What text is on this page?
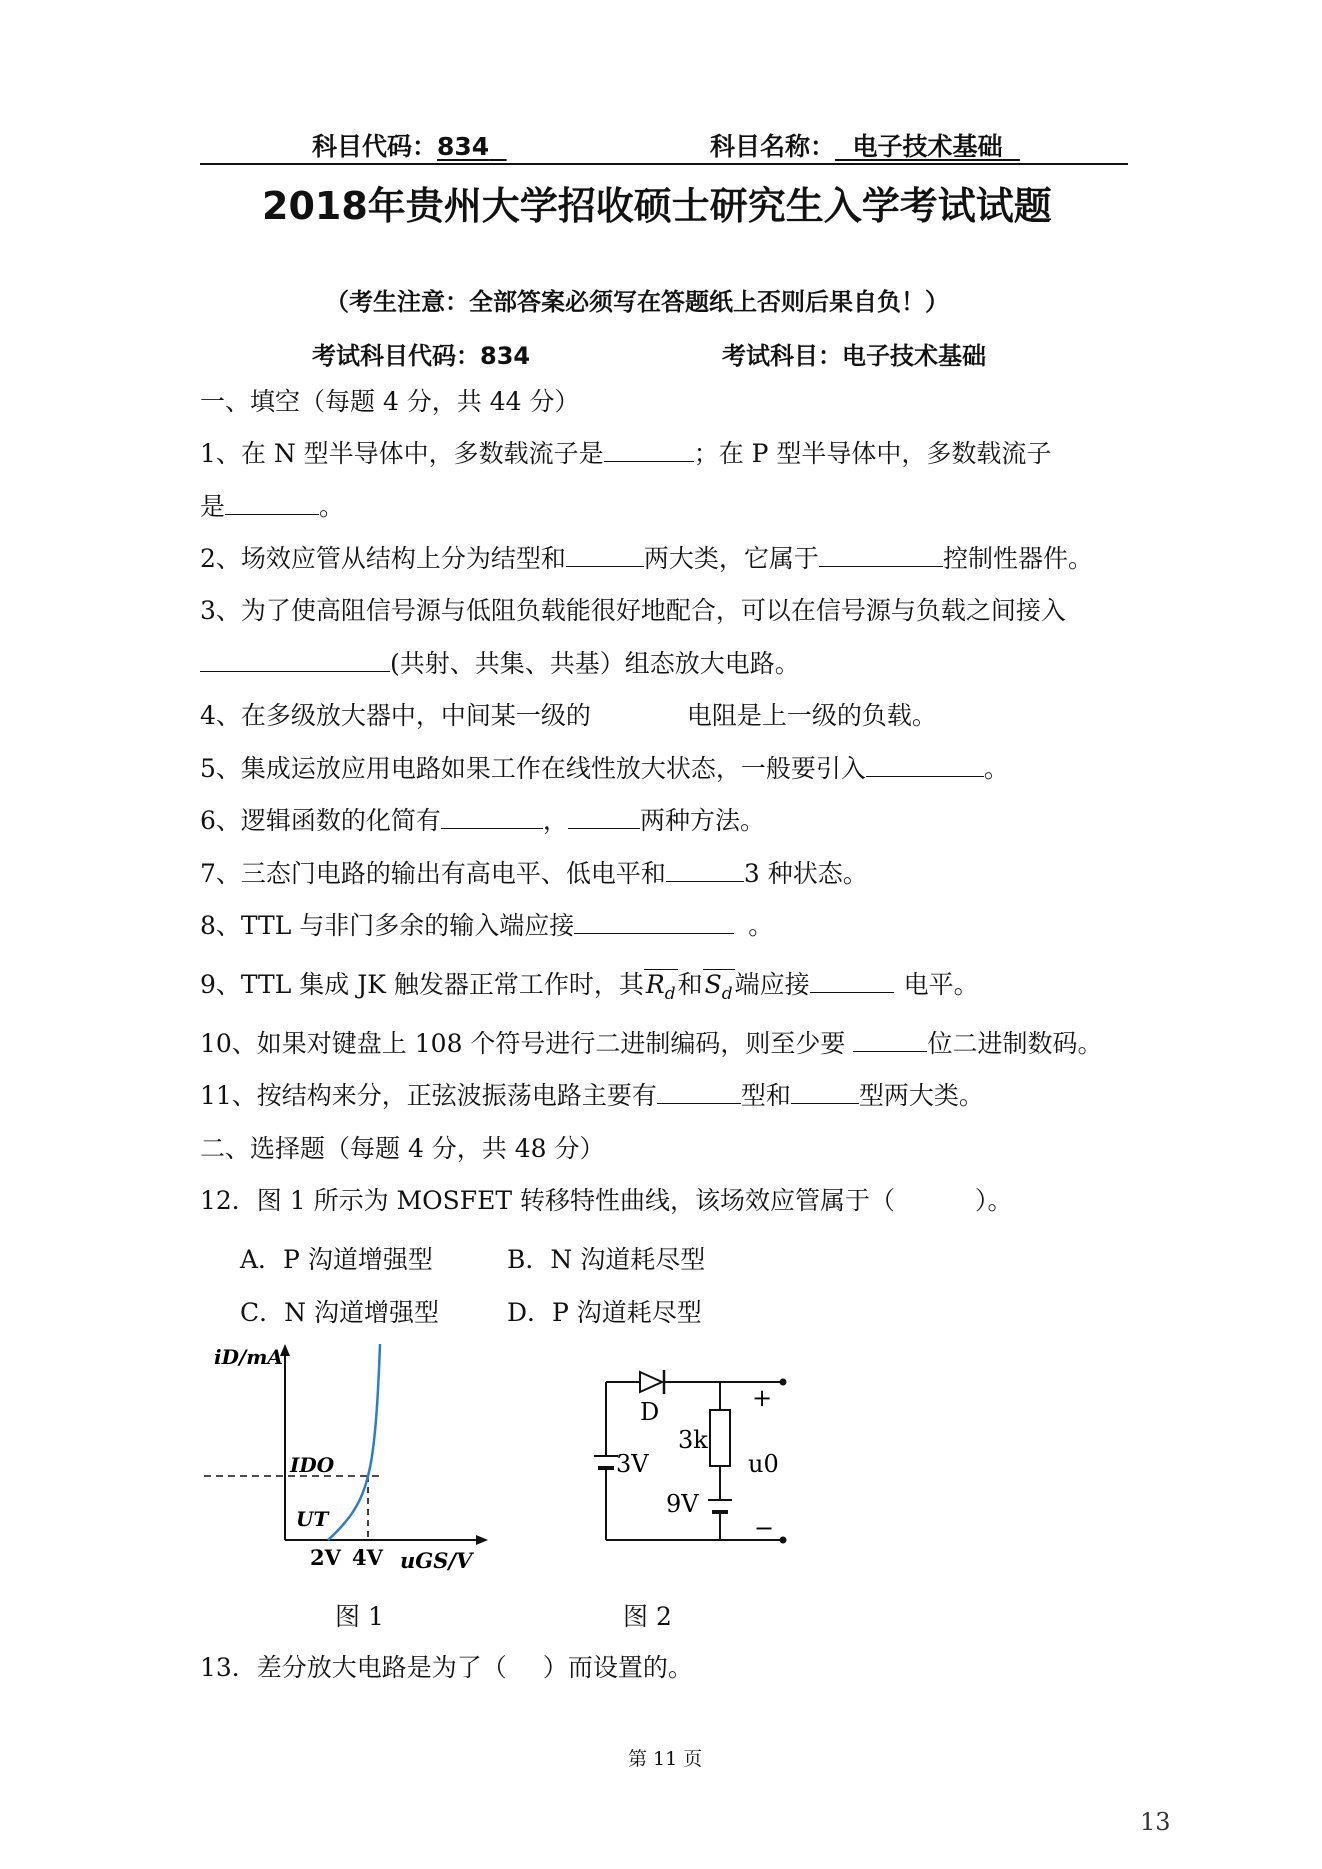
科目代码：834	科目名称： 电子技术基础
2018年贵州大学招收硕士研究生入学考试试题
（考生注意：全部答案必须写在答题纸上否则后果自负！）
考试科目代码：834	考试科目：电子技术基础
一、填空（每题 4 分，共 44 分）
1、在 N 型半导体中，多数载流子是	；在 P 型半导体中，多数载流子
是	。
2、场效应管从结构上分为结型和	两大类，它属于	控制性器件。
3、为了使高阻信号源与低阻负载能很好地配合，可以在信号源与负载之间接入
(共射、共集、共基）组态放大电路。
4、在多级放大器中，中间某一级的	电阻是上一级的负载。
5、集成运放应用电路如果工作在线性放大状态，一般要引入	。
6、逻辑函数的化简有	，	两种方法。
7、三态门电路的输出有高电平、低电平和	3 种状态。
8、TTL 与非门多余的输入端应接	。
9、TTL 集成 JK 触发器正常工作时，其$R_d$和$S_d$端应接	电平。
10、如果对键盘上 108 个符号进行二进制编码，则至少要	位二进制数码。
11、按结构来分，正弦波振荡电路主要有	型和	型两大类。
二、选择题（每题 4 分，共 48 分）
12．图 1 所示为 MOSFET 转移特性曲线，该场效应管属于（	）。
A．P 沟道增强型	B．N 沟道耗尽型
C．N 沟道增强型	D．P 沟道耗尽型
iD/mA
IDO
UT
2V 4V uGS/V
图 1
D
3k
3V
9V
u0
+
−
图 2
13．差分放大电路是为了（ ）而设置的。
第 11 页
13
